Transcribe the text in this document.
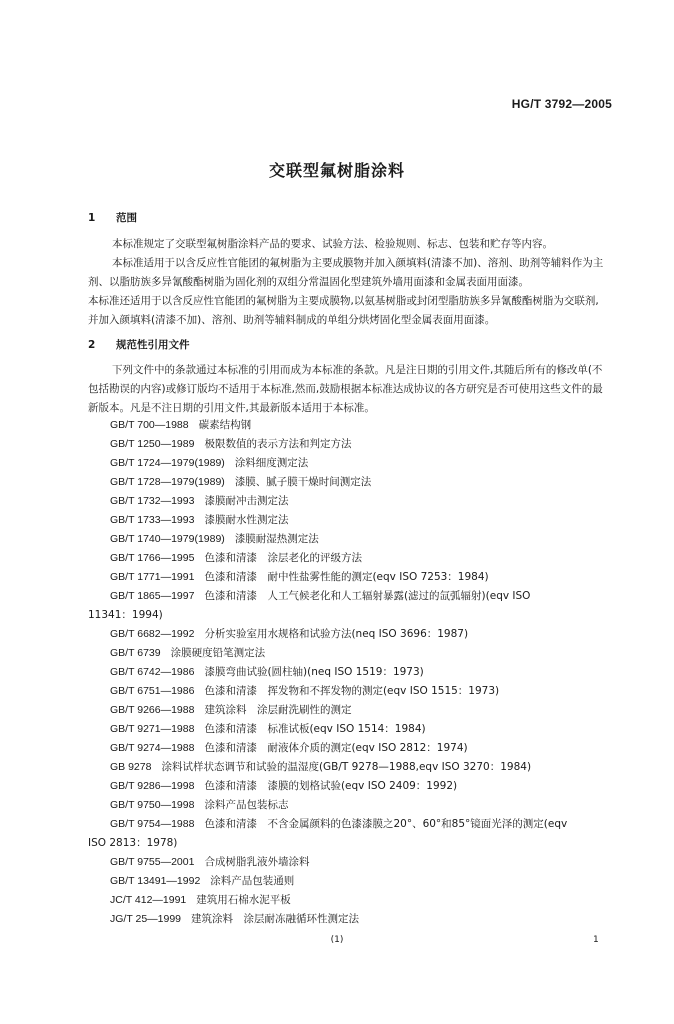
HG/T 3792—2005
交联型氟树脂涂料
1 范围
本标准规定了交联型氟树脂涂料产品的要求、试验方法、检验规则、标志、包装和贮存等内容。
本标准适用于以含反应性官能团的氟树脂为主要成膜物并加入颜填料(清漆不加)、溶剂、助剂等辅料作为主剂、以脂肪族多异氰酸酯树脂为固化剂的双组分常温固化型建筑外墙用面漆和金属表面用面漆。
本标准还适用于以含反应性官能团的氟树脂为主要成膜物,以氨基树脂或封闭型脂肪族多异氰酸酯树脂为交联剂,并加入颜填料(清漆不加)、溶剂、助剂等辅料制成的单组分烘烤固化型金属表面用面漆。
2 规范性引用文件
下列文件中的条款通过本标准的引用而成为本标准的条款。凡是注日期的引用文件,其随后所有的修改单(不包括勘误的内容)或修订版均不适用于本标准,然而,鼓励根据本标准达成协议的各方研究是否可使用这些文件的最新版本。凡是不注日期的引用文件,其最新版本适用于本标准。
GB/T 700—1988 碳素结构钢
GB/T 1250—1989 极限数值的表示方法和判定方法
GB/T 1724—1979(1989) 涂料细度测定法
GB/T 1728—1979(1989) 漆膜、腻子膜干燥时间测定法
GB/T 1732—1993 漆膜耐冲击测定法
GB/T 1733—1993 漆膜耐水性测定法
GB/T 1740—1979(1989) 漆膜耐湿热测定法
GB/T 1766—1995 色漆和清漆　涂层老化的评级方法
GB/T 1771—1991 色漆和清漆　耐中性盐雾性能的测定(eqv ISO 7253：1984)
GB/T 1865—1997 色漆和清漆　人工气候老化和人工辐射暴露(滤过的氙弧辐射)(eqv ISO
11341：1994)
GB/T 6682—1992 分析实验室用水规格和试验方法(neq ISO 3696：1987)
GB/T 6739 涂膜硬度铅笔测定法
GB/T 6742—1986 漆膜弯曲试验(圆柱轴)(neq ISO 1519：1973)
GB/T 6751—1986 色漆和清漆　挥发物和不挥发物的测定(eqv ISO 1515：1973)
GB/T 9266—1988 建筑涂料　涂层耐洗刷性的测定
GB/T 9271—1988 色漆和清漆　标准试板(eqv ISO 1514：1984)
GB/T 9274—1988 色漆和清漆　耐液体介质的测定(eqv ISO 2812：1974)
GB 9278 涂料试样状态调节和试验的温湿度(GB/T 9278—1988,eqv ISO 3270：1984)
GB/T 9286—1998 色漆和清漆　漆膜的划格试验(eqv ISO 2409：1992)
GB/T 9750—1998 涂料产品包装标志
GB/T 9754—1988 色漆和清漆　不含金属颜料的色漆漆膜之20°、60°和85°镜面光泽的测定(eqv
ISO 2813：1978)
GB/T 9755—2001 合成树脂乳液外墙涂料
GB/T 13491—1992 涂料产品包装通则
JC/T 412—1991 建筑用石棉水泥平板
JG/T 25—1999 建筑涂料　涂层耐冻融循环性测定法
(1)	1
